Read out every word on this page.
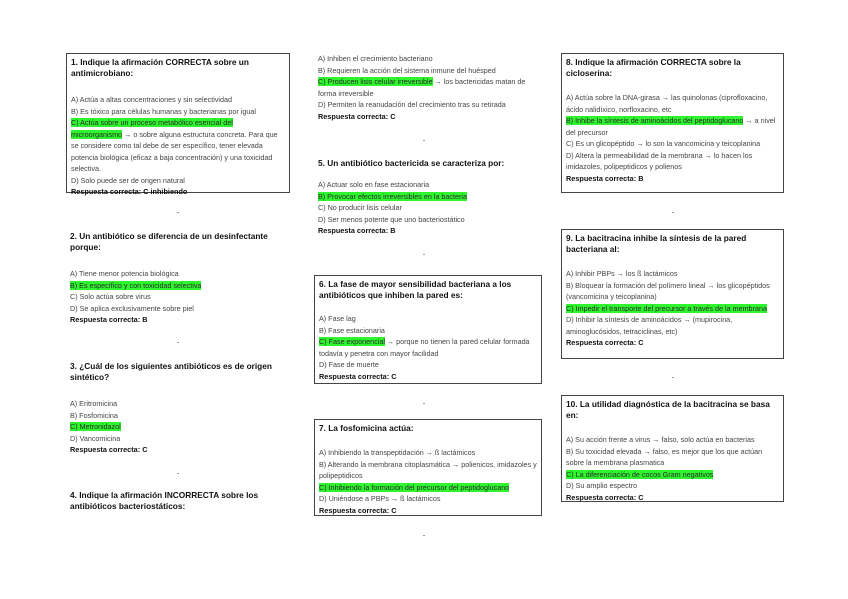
1. Indique la afirmación CORRECTA sobre un antimicrobiano:

A) Actúa a altas concentraciones y sin selectividad

B) Es tóxico para células humanas y bacterianas por igual

C) Actúa sobre un proceso metabólico esencial del microorganismo → o sobre alguna estructura concreta. Para que se considere como tal debe de ser específico, tener elevada potencia biológica (eficaz a baja concentración) y una toxicidad selectiva.

D) Solo puede ser de origen natural

Respuesta correcta: C inhibiendo

2. Un antibiótico se diferencia de un desinfectante porque:

A) Tiene menor potencia biológica

B) Es específico y con toxicidad selectiva

C) Solo actúa sobre virus

D) Se aplica exclusivamente sobre piel

Respuesta correcta: B

3. ¿Cuál de los siguientes antibióticos es de origen sintético?

A) Eritromicina

B) Fosfomicina

C) Metronidazol

D) Vancomicina

Respuesta correcta: C

4. Indique la afirmación INCORRECTA sobre los antibióticos bacteriostáticos:

A) Inhiben el crecimiento bacteriano

B) Requieren la acción del sistema inmune del huésped

C) Producen lisis celular irreversible → los bactericidas matan de forma irreversible

D) Permiten la reanudación del crecimiento tras su retirada

Respuesta correcta: C

5. Un antibiótico bactericida se caracteriza por:

A) Actuar solo en fase estacionaria

B) Provocar efectos irreversibles en la bacteria

C) No producir lisis celular

D) Ser menos potente que uno bacteriostático

Respuesta correcta: B

6. La fase de mayor sensibilidad bacteriana a los antibióticos que inhiben la pared es:

A) Fase lag

B) Fase estacionaria

C) Fase exponencial → porque no tienen la pared celular formada todavía y penetra con mayor facilidad

D) Fase de muerte

Respuesta correcta: C

7. La fosfomicina actúa:

A) Inhibiendo la transpeptidación → ß lactámicos

B) Alterando la membrana citoplasmática → polienicos, imidazoles y polipeptidicos

C) Inhibiendo la formación del precursor del peptidoglucano

D) Uniéndose a PBPs → ß lactámicos

Respuesta correcta: C

8. Indique la afirmación CORRECTA sobre la cicloserina:

A) Actúa sobre la DNA-girasa → las quinolonas (ciprofloxacino, ácido nalidíxico, norfloxacino, etc

B) Inhibe la síntesis de aminoácidos del peptidoglucano → a nivel del precursor

C) Es un glicopéptido → lo son la vancomicina y teicoplanina

D) Altera la permeabilidad de la membrana → lo hacen los imidazoles, polipeptidicos y polienos

Respuesta correcta: B

9. La bacitracina inhibe la síntesis de la pared bacteriana al:

A) Inhibir PBPs → los ß lactámicos

B) Bloquear la formación del polímero lineal → los glicopéptidos (vancomicina y teicoplanina)

C) Impedir el transporte del precursor a través de la membrana

D) Inhibir la síntesis de aminoácidos → (mupirocina, aminoglucósidos, tetraciclinas, etc)

Respuesta correcta: C

10. La utilidad diagnóstica de la bacitracina se basa en:

A) Su acción frente a virus → falso, solo actúa en bacterias

B) Su toxicidad elevada → falso, es mejor que los que actúan sobre la membrana plasmatica

C) La diferenciación de cocos Gram negativos

D) Su amplio espectro

Respuesta correcta: C
